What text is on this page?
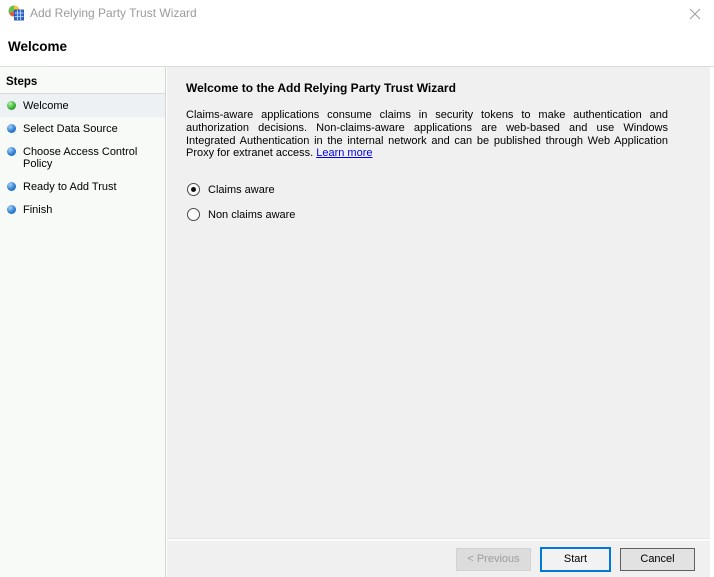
Add Relying Party Trust Wizard
Welcome
Steps
Welcome
Select Data Source
Choose Access Control Policy
Ready to Add Trust
Finish
Welcome to the Add Relying Party Trust Wizard

Claims-aware applications consume claims in security tokens to make authentication and authorization decisions. Non-claims-aware applications are web-based and use Windows Integrated Authentication in the internal network and can be published through Web Application Proxy for extranet access. Learn more

Claims aware
Non claims aware
< Previous	Start	Cancel
